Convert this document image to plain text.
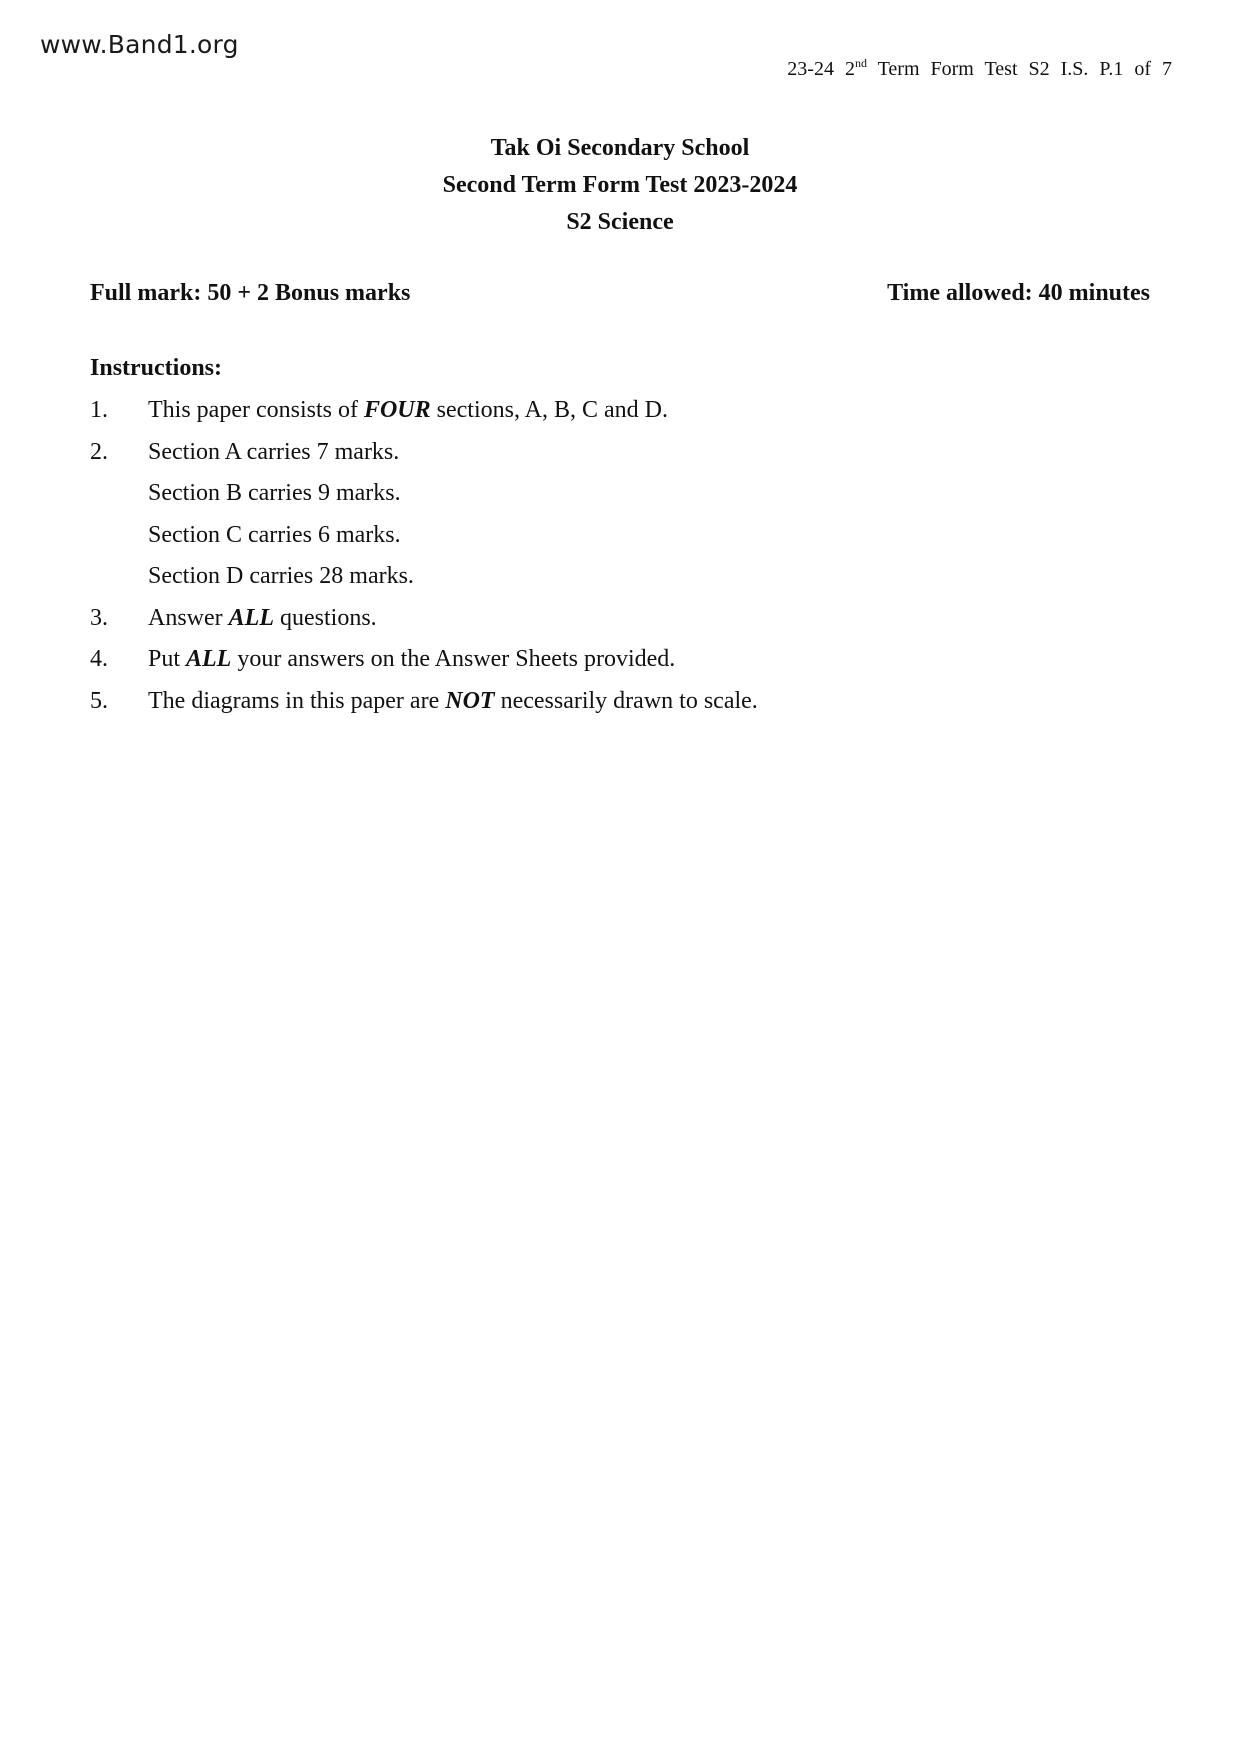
www.Band1.org
23-24 2nd Term Form Test S2 I.S. P.1 of 7
Tak Oi Secondary School
Second Term Form Test 2023-2024
S2 Science
Full mark: 50 + 2 Bonus marks	Time allowed: 40 minutes
Instructions:
1.	This paper consists of FOUR sections, A, B, C and D.
2.	Section A carries 7 marks.
Section B carries 9 marks.
Section C carries 6 marks.
Section D carries 28 marks.
3.	Answer ALL questions.
4.	Put ALL your answers on the Answer Sheets provided.
5.	The diagrams in this paper are NOT necessarily drawn to scale.
